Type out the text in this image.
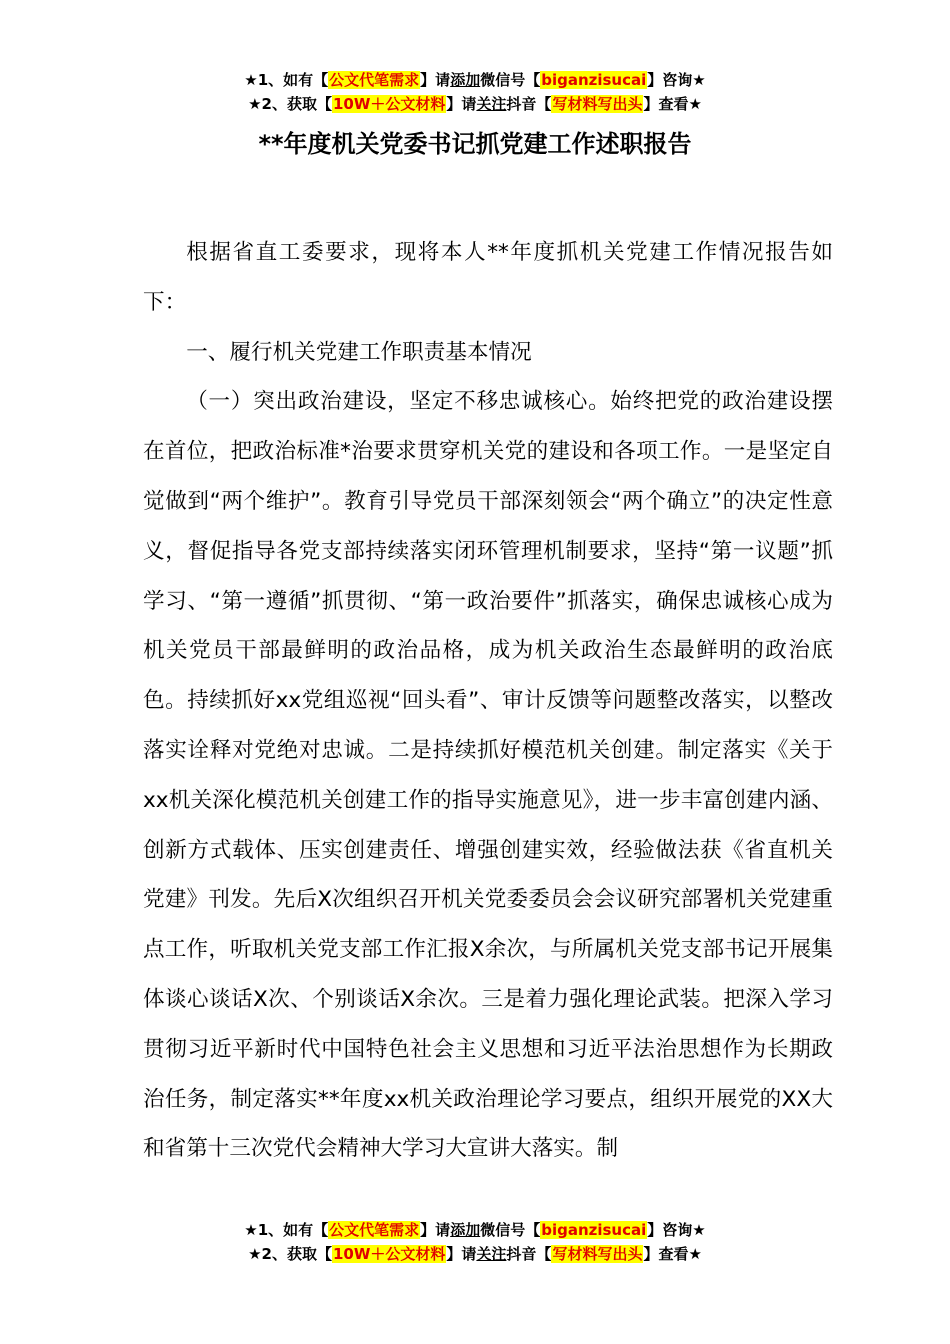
★1、如有【公文代笔需求】请添加微信号【biganzisucai】咨询★
★2、获取【10W＋公文材料】请关注抖音【写材料写出头】查看★
**年度机关党委书记抓党建工作述职报告

根据省直工委要求，现将本人**年度抓机关党建工作情况报告如下：

一、履行机关党建工作职责基本情况

（一）突出政治建设，坚定不移忠诚核心。始终把党的政治建设摆在首位，把政治标准*治要求贯穿机关党的建设和各项工作。一是坚定自觉做到“两个维护”。教育引导党员干部深刻领会“两个确立”的决定性意义，督促指导各党支部持续落实闭环管理机制要求，坚持“第一议题”抓学习、“第一遵循”抓贯彻、“第一政治要件”抓落实，确保忠诚核心成为机关党员干部最鲜明的政治品格，成为机关政治生态最鲜明的政治底色。持续抓好xx党组巡视“回头看”、审计反馈等问题整改落实，以整改落实诠释对党绝对忠诚。二是持续抓好模范机关创建。制定落实《关于xx机关深化模范机关创建工作的指导实施意见》，进一步丰富创建内涵、创新方式载体、压实创建责任、增强创建实效，经验做法获《省直机关党建》刊发。先后X次组织召开机关党委委员会会议研究部署机关党建重点工作，听取机关党支部工作汇报X余次，与所属机关党支部书记开展集体谈心谈话X次、个别谈话X余次。三是着力强化理论武装。把深入学习贯彻习近平新时代中国特色社会主义思想和习近平法治思想作为长期政治任务，制定落实**年度xx机关政治理论学习要点，组织开展党的XX大和省第十三次党代会精神大学习大宣讲大落实。制

★1、如有【公文代笔需求】请添加微信号【biganzisucai】咨询★
★2、获取【10W＋公文材料】请关注抖音【写材料写出头】查看★
